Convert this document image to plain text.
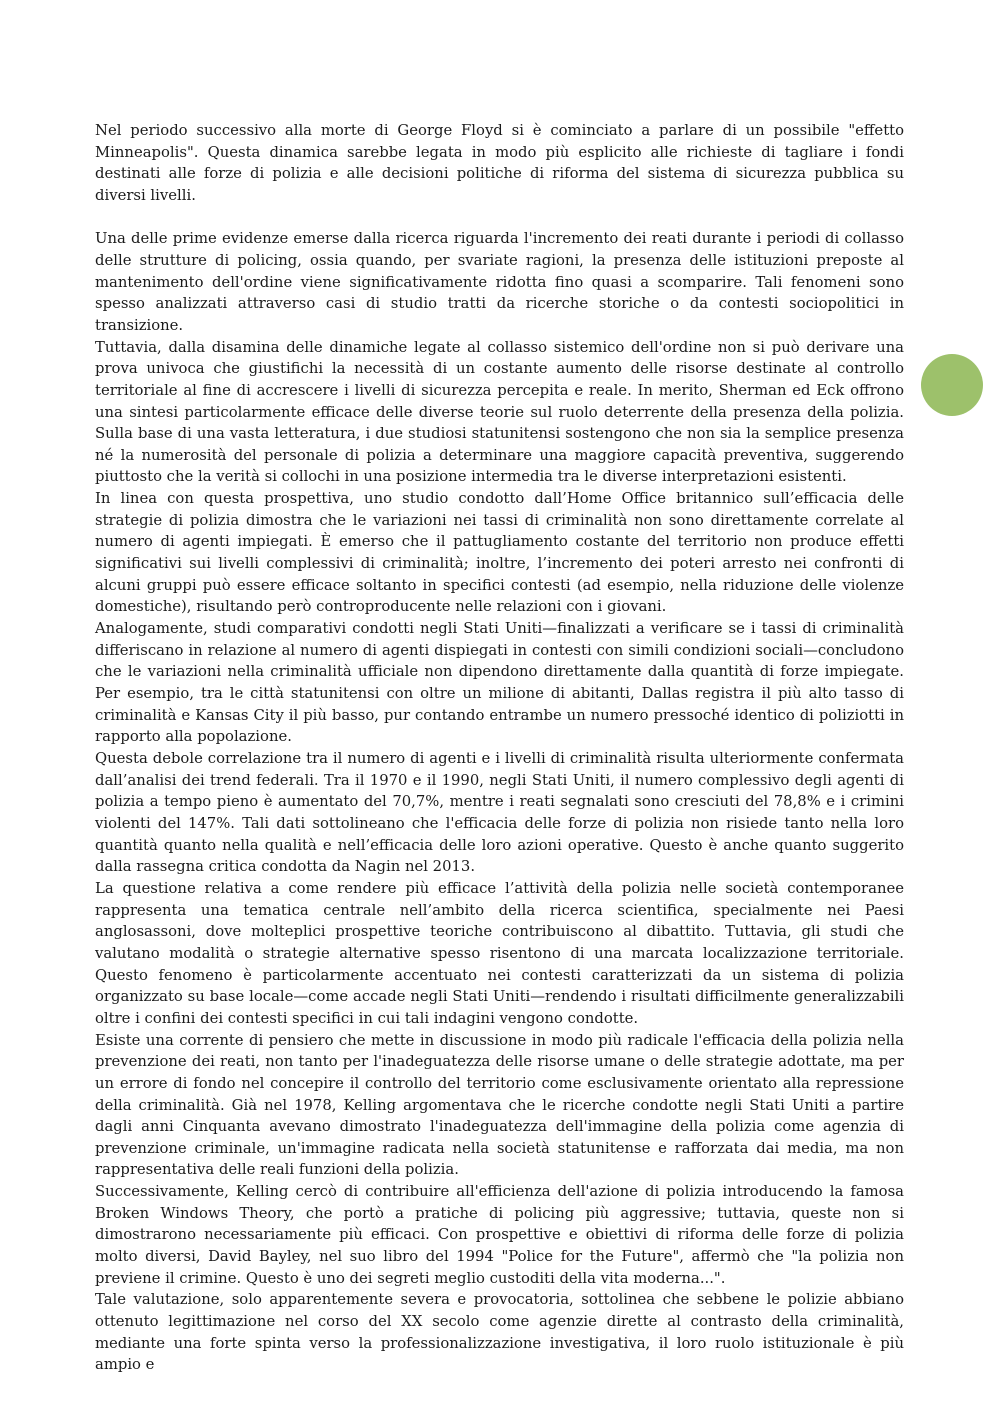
Nel periodo successivo alla morte di George Floyd si è cominciato a parlare di un possibile "effetto Minneapolis". Questa dinamica sarebbe legata in modo più esplicito alle richieste di tagliare i fondi destinati alle forze di polizia e alle decisioni politiche di riforma del sistema di sicurezza pubblica su diversi livelli.

Una delle prime evidenze emerse dalla ricerca riguarda l'incremento dei reati durante i periodi di collasso delle strutture di policing, ossia quando, per svariate ragioni, la presenza delle istituzioni preposte al mantenimento dell'ordine viene significativamente ridotta fino quasi a scomparire. Tali fenomeni sono spesso analizzati attraverso casi di studio tratti da ricerche storiche o da contesti sociopolitici in transizione.

Tuttavia, dalla disamina delle dinamiche legate al collasso sistemico dell'ordine non si può derivare una prova univoca che giustifichi la necessità di un costante aumento delle risorse destinate al controllo territoriale al fine di accrescere i livelli di sicurezza percepita e reale. In merito, Sherman ed Eck offrono una sintesi particolarmente efficace delle diverse teorie sul ruolo deterrente della presenza della polizia. Sulla base di una vasta letteratura, i due studiosi statunitensi sostengono che non sia la semplice presenza né la numerosità del personale di polizia a determinare una maggiore capacità preventiva, suggerendo piuttosto che la verità si collochi in una posizione intermedia tra le diverse interpretazioni esistenti.

In linea con questa prospettiva, uno studio condotto dall’Home Office britannico sull’efficacia delle strategie di polizia dimostra che le variazioni nei tassi di criminalità non sono direttamente correlate al numero di agenti impiegati. È emerso che il pattugliamento costante del territorio non produce effetti significativi sui livelli complessivi di criminalità; inoltre, l’incremento dei poteri arresto nei confronti di alcuni gruppi può essere efficace soltanto in specifici contesti (ad esempio, nella riduzione delle violenze domestiche), risultando però controproducente nelle relazioni con i giovani.

Analogamente, studi comparativi condotti negli Stati Uniti—finalizzati a verificare se i tassi di criminalità differiscano in relazione al numero di agenti dispiegati in contesti con simili condizioni sociali—concludono che le variazioni nella criminalità ufficiale non dipendono direttamente dalla quantità di forze impiegate. Per esempio, tra le città statunitensi con oltre un milione di abitanti, Dallas registra il più alto tasso di criminalità e Kansas City il più basso, pur contando entrambe un numero pressoché identico di poliziotti in rapporto alla popolazione.

Questa debole correlazione tra il numero di agenti e i livelli di criminalità risulta ulteriormente confermata dall’analisi dei trend federali. Tra il 1970 e il 1990, negli Stati Uniti, il numero complessivo degli agenti di polizia a tempo pieno è aumentato del 70,7%, mentre i reati segnalati sono cresciuti del 78,8% e i crimini violenti del 147%. Tali dati sottolineano che l'efficacia delle forze di polizia non risiede tanto nella loro quantità quanto nella qualità e nell’efficacia delle loro azioni operative. Questo è anche quanto suggerito dalla rassegna critica condotta da Nagin nel 2013.

La questione relativa a come rendere più efficace l’attività della polizia nelle società contemporanee rappresenta una tematica centrale nell’ambito della ricerca scientifica, specialmente nei Paesi anglosassoni, dove molteplici prospettive teoriche contribuiscono al dibattito. Tuttavia, gli studi che valutano modalità o strategie alternative spesso risentono di una marcata localizzazione territoriale. Questo fenomeno è particolarmente accentuato nei contesti caratterizzati da un sistema di polizia organizzato su base locale—come accade negli Stati Uniti—rendendo i risultati difficilmente generalizzabili oltre i confini dei contesti specifici in cui tali indagini vengono condotte.

Esiste una corrente di pensiero che mette in discussione in modo più radicale l'efficacia della polizia nella prevenzione dei reati, non tanto per l'inadeguatezza delle risorse umane o delle strategie adottate, ma per un errore di fondo nel concepire il controllo del territorio come esclusivamente orientato alla repressione della criminalità. Già nel 1978, Kelling argomentava che le ricerche condotte negli Stati Uniti a partire dagli anni Cinquanta avevano dimostrato l'inadeguatezza dell'immagine della polizia come agenzia di prevenzione criminale, un'immagine radicata nella società statunitense e rafforzata dai media, ma non rappresentativa delle reali funzioni della polizia.

Successivamente, Kelling cercò di contribuire all'efficienza dell'azione di polizia introducendo la famosa Broken Windows Theory, che portò a pratiche di policing più aggressive; tuttavia, queste non si dimostrarono necessariamente più efficaci. Con prospettive e obiettivi di riforma delle forze di polizia molto diversi, David Bayley, nel suo libro del 1994 "Police for the Future", affermò che "la polizia non previene il crimine. Questo è uno dei segreti meglio custoditi della vita moderna...".

Tale valutazione, solo apparentemente severa e provocatoria, sottolinea che sebbene le polizie abbiano ottenuto legittimazione nel corso del XX secolo come agenzie dirette al contrasto della criminalità, mediante una forte spinta verso la professionalizzazione investigativa, il loro ruolo istituzionale è più ampio e
